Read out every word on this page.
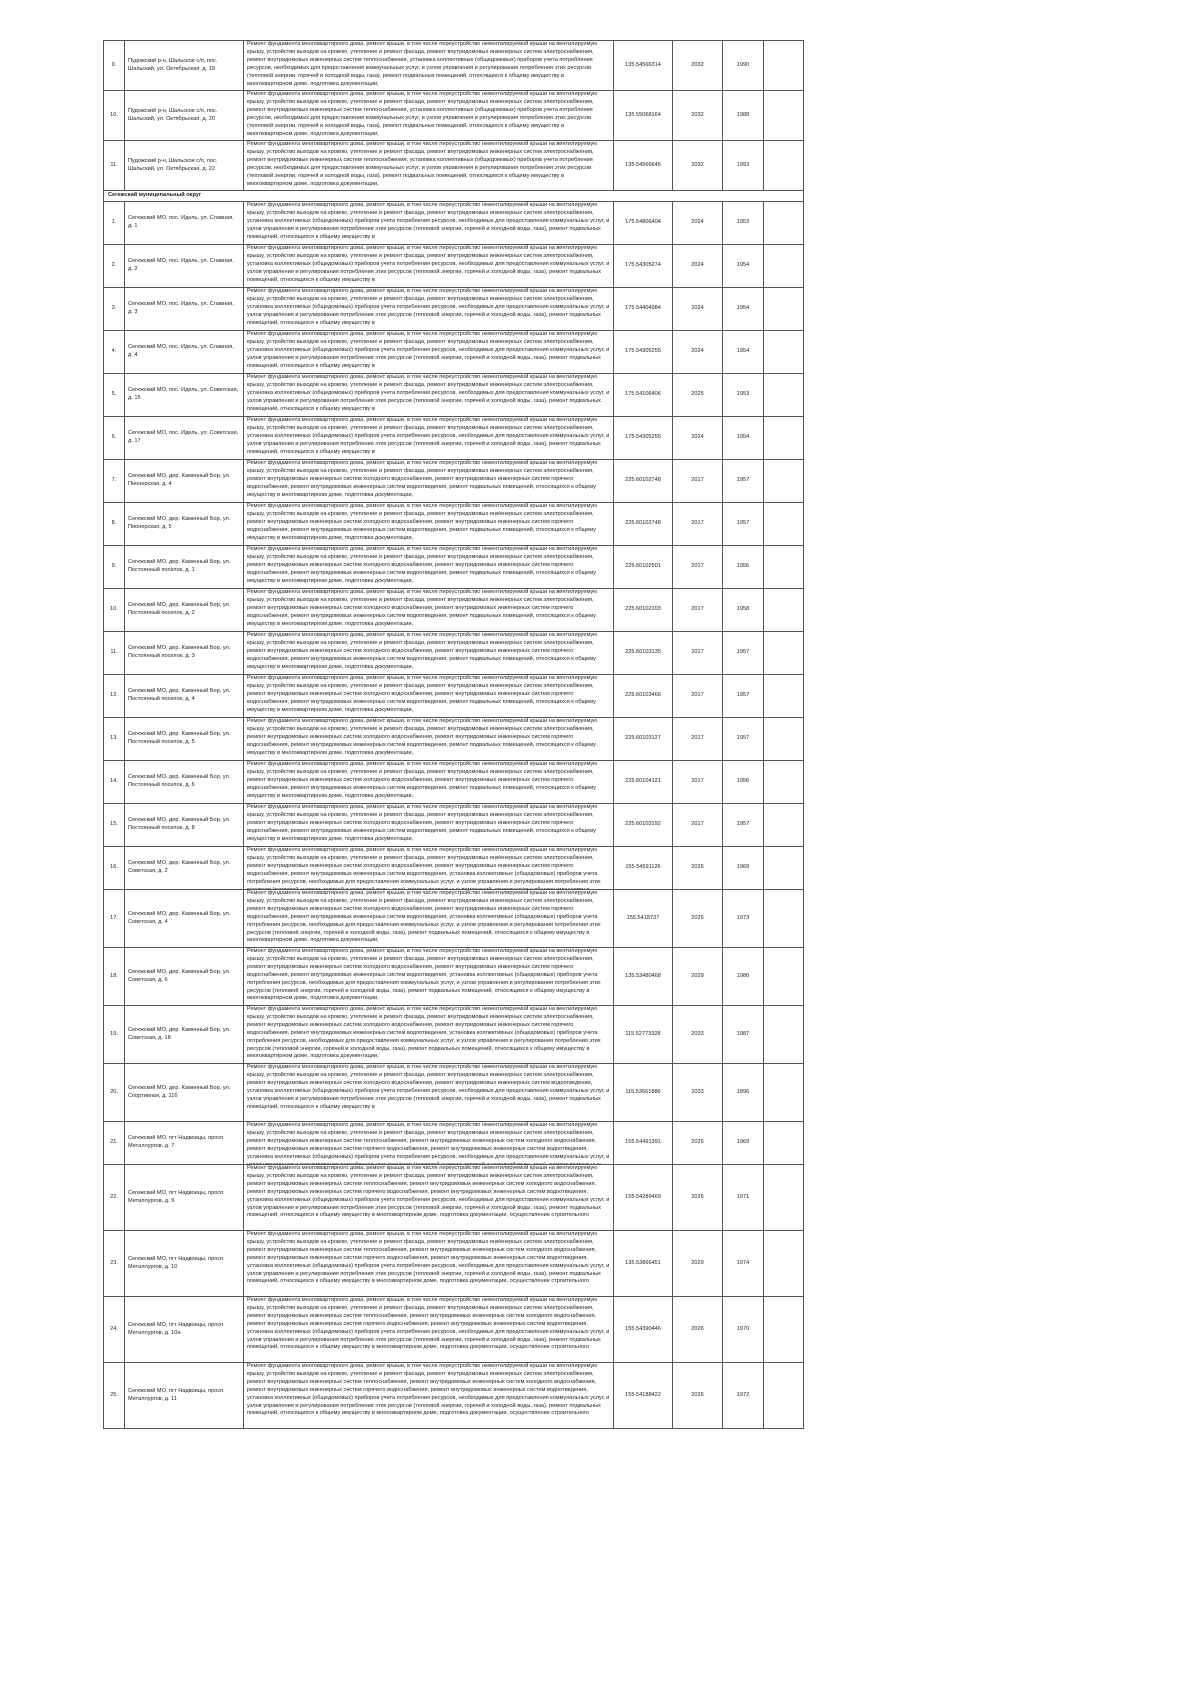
9.	Пудожский р-н, Шальское с/п, пос. Шальский, ул. Октябрьская, д. 19	Ремонт фундамента многоквартирного дома, ремонт крыши, в том числе переустройство невентилируемой крыши на вентилируемую крышу, устройство выходов на кровлю, утепление и ремонт фасада, ремонт внутридомовых инженерных систем электроснабжения, ремонт внутридомовых инженерных систем теплоснабжения, установка коллективных (общедомовых) приборов учета потребления ресурсов, необходимых для предоставления коммунальных услуг, и узлов управления и регулирования потребления этих ресурсов (тепловой энергии, горячей и холодной воды, газа), ремонт подвальных помещений, относящихся к общему имуществу в многоквартирном доме, подготовка документации,	135.54566314	2032	1990	
10.	Пудожский р-н, Шальское с/п, пос. Шальский, ул. Октябрьская, д. 20	Ремонт фундамента многоквартирного дома, ремонт крыши, в том числе переустройство невентилируемой крыши на вентилируемую крышу, устройство выходов на кровлю, утепление и ремонт фасада, ремонт внутридомовых инженерных систем электроснабжения, ремонт внутридомовых инженерных систем теплоснабжения, установка коллективных (общедомовых) приборов учета потребления ресурсов, необходимых для предоставления коммунальных услуг, и узлов управления и регулирования потребления этих ресурсов (тепловой энергии, горячей и холодной воды, газа), ремонт подвальных помещений, относящихся к общему имуществу в многоквартирном доме, подготовка документации,	135.55068164	2032	1988	
11.	Пудожский р-н, Шальское с/п, пос. Шальский, ул. Октябрьская, д. 22	Ремонт фундамента многоквартирного дома, ремонт крыши, в том числе переустройство невентилируемой крыши на вентилируемую крышу, устройство выходов на кровлю, утепление и ремонт фасада, ремонт внутридомовых инженерных систем электроснабжения, ремонт внутридомовых инженерных систем теплоснабжения, установка коллективных (общедомовых) приборов учета потребления ресурсов, необходимых для предоставления коммунальных услуг, и узлов управления и регулирования потребления этих ресурсов (тепловой энергии, горячей и холодной воды, газа), ремонт подвальных помещений, относящихся к общему имуществу в многоквартирном доме, подготовка документации,	135.54566645	2032	1993	
Сегежский муниципальный округ						
1.	Сегежский МО, пос. Идель, ул. Славная, д. 1	Ремонт фундамента многоквартирного дома, ремонт крыши, в том числе переустройство невентилируемой крыши на вентилируемую крышу, устройство выходов на кровлю, утепление и ремонт фасада, ремонт внутридомовых инженерных систем электроснабжения, установка коллективных (общедомовых) приборов учета потребления ресурсов, необходимых для предоставления коммунальных услуг, и узлов управления и регулирования потребления этих ресурсов (тепловой энергии, горячей и холодной воды, газа), ремонт подвальных помещений, относящихся к общему имуществу в	175.54806404	2024	1953	
2.	Сегежский МО, пос. Идель, ул. Славная, д. 2	Ремонт фундамента многоквартирного дома, ремонт крыши, в том числе переустройство невентилируемой крыши на вентилируемую крышу, устройство выходов на кровлю, утепление и ремонт фасада, ремонт внутридомовых инженерных систем электроснабжения, установка коллективных (общедомовых) приборов учета потребления ресурсов, необходимых для предоставления коммунальных услуг, и узлов управления и регулирования потребления этих ресурсов (тепловой энергии, горячей и холодной воды, газа), ремонт подвальных помещений, относящихся к общему имуществу в	175.54305274	2024	1954	
3.	Сегежский МО, пос. Идель, ул. Славная, д. 3	Ремонт фундамента многоквартирного дома, ремонт крыши, в том числе переустройство невентилируемой крыши на вентилируемую крышу, устройство выходов на кровлю, утепление и ремонт фасада, ремонт внутридомовых инженерных систем электроснабжения, установка коллективных (общедомовых) приборов учета потребления ресурсов, необходимых для предоставления коммунальных услуг, и узлов управления и регулирования потребления этих ресурсов (тепловой энергии, горячей и холодной воды, газа), ремонт подвальных помещений, относящихся к общему имуществу в	175.54404984	2024	1954	
4.	Сегежский МО, пос. Идель, ул. Славная, д. 4	Ремонт фундамента многоквартирного дома, ремонт крыши, в том числе переустройство невентилируемой крыши на вентилируемую крышу, устройство выходов на кровлю, утепление и ремонт фасада, ремонт внутридомовых инженерных систем электроснабжения, установка коллективных (общедомовых) приборов учета потребления ресурсов, необходимых для предоставления коммунальных услуг, и узлов управления и регулирования потребления этих ресурсов (тепловой энергии, горячей и холодной воды, газа), ремонт подвальных помещений, относящихся к общему имуществу в	175.54305255	2024	1954	
5.	Сегежский МО, пос. Идель, ул. Советская, д. 15	Ремонт фундамента многоквартирного дома, ремонт крыши, в том числе переустройство невентилируемой крыши на вентилируемую крышу, устройство выходов на кровлю, утепление и ремонт фасада, ремонт внутридомовых инженерных систем электроснабжения, установка коллективных (общедомовых) приборов учета потребления ресурсов, необходимых для предоставления коммунальных услуг, и узлов управления и регулирования потребления этих ресурсов (тепловой энергии, горячей и холодной воды, газа), ремонт подвальных помещений, относящихся к общему имуществу в	175.54106406	2025	1953	
6.	Сегежский МО, пос. Идель, ул. Советская, д. 17	Ремонт фундамента многоквартирного дома, ремонт крыши, в том числе переустройство невентилируемой крыши на вентилируемую крышу, устройство выходов на кровлю, утепление и ремонт фасада, ремонт внутридомовых инженерных систем электроснабжения, установка коллективных (общедомовых) приборов учета потребления ресурсов, необходимых для предоставления коммунальных услуг, и узлов управления и регулирования потребления этих ресурсов (тепловой энергии, горячей и холодной воды, газа), ремонт подвальных помещений, относящихся к общему имуществу в	175.54305255	2024	1954	
7.	Сегежский МО, дер. Каменный Бор, ул. Пионерская, д. 4	Ремонт фундамента многоквартирного дома, ремонт крыши, в том числе переустройство невентилируемой крыши на вентилируемую крышу, устройство выходов на кровлю, утепление и ремонт фасада, ремонт внутридомовых инженерных систем электроснабжения, ремонт внутридомовых инженерных систем холодного водоснабжения, ремонт внутридомовых инженерных систем горячего водоснабжения, ремонт внутридомовых инженерных систем водоотведения, ремонт подвальных помещений, относящихся к общему имуществу в многоквартирном доме, подготовка документации,	225.60102748	2017	1957	
8.	Сегежский МО, дер. Каменный Бор, ул. Пионерская, д. 5	Ремонт фундамента многоквартирного дома, ремонт крыши, в том числе переустройство невентилируемой крыши на вентилируемую крышу, устройство выходов на кровлю, утепление и ремонт фасада, ремонт внутридомовых инженерных систем электроснабжения, ремонт внутридомовых инженерных систем холодного водоснабжения, ремонт внутридомовых инженерных систем горячего водоснабжения, ремонт внутридомовых инженерных систем водоотведения, ремонт подвальных помещений, относящихся к общему имуществу в многоквартирном доме, подготовка документации,	225.60102748	2017	1957	
9.	Сегежский МО, дер. Каменный Бор, ул. Постоянный поселок, д. 1	Ремонт фундамента многоквартирного дома, ремонт крыши, в том числе переустройство невентилируемой крыши на вентилируемую крышу, устройство выходов на кровлю, утепление и ремонт фасада, ремонт внутридомовых инженерных систем электроснабжения, ремонт внутридомовых инженерных систем холодного водоснабжения, ремонт внутридомовых инженерных систем горячего водоснабжения, ремонт внутридомовых инженерных систем водоотведения, ремонт подвальных помещений, относящихся к общему имуществу в многоквартирном доме, подготовка документации,	225.60102501	2017	1956	
10.	Сегежский МО, дер. Каменный Бор, ул. Постоянный поселок, д. 2	Ремонт фундамента многоквартирного дома, ремонт крыши, в том числе переустройство невентилируемой крыши на вентилируемую крышу, устройство выходов на кровлю, утепление и ремонт фасада, ремонт внутридомовых инженерных систем электроснабжения, ремонт внутридомовых инженерных систем холодного водоснабжения, ремонт внутридомовых инженерных систем горячего водоснабжения, ремонт внутридомовых инженерных систем водоотведения, ремонт подвальных помещений, относящихся к общему имуществу в многоквартирном доме, подготовка документации,	225.60102103	2017	1958	
11.	Сегежский МО, дер. Каменный Бор, ул. Постоянный поселок, д. 3	Ремонт фундамента многоквартирного дома, ремонт крыши, в том числе переустройство невентилируемой крыши на вентилируемую крышу, устройство выходов на кровлю, утепление и ремонт фасада, ремонт внутридомовых инженерных систем электроснабжения, ремонт внутридомовых инженерных систем холодного водоснабжения, ремонт внутридомовых инженерных систем горячего водоснабжения, ремонт внутридомовых инженерных систем водоотведения, ремонт подвальных помещений, относящихся к общему имуществу в многоквартирном доме, подготовка документации,	225.60103135	2017	1957	
12.	Сегежский МО, дер. Каменный Бор, ул. Постоянный поселок, д. 4	Ремонт фундамента многоквартирного дома, ремонт крыши, в том числе переустройство невентилируемой крыши на вентилируемую крышу, устройство выходов на кровлю, утепление и ремонт фасада, ремонт внутридомовых инженерных систем электроснабжения, ремонт внутридомовых инженерных систем холодного водоснабжения, ремонт внутридомовых инженерных систем горячего водоснабжения, ремонт внутридомовых инженерных систем водоотведения, ремонт подвальных помещений, относящихся к общему имуществу в многоквартирном доме, подготовка документации,	225.60103466	2017	1957	
13.	Сегежский МО, дер. Каменный Бор, ул. Постоянный поселок, д. 5	Ремонт фундамента многоквартирного дома, ремонт крыши, в том числе переустройство невентилируемой крыши на вентилируемую крышу, устройство выходов на кровлю, утепление и ремонт фасада, ремонт внутридомовых инженерных систем электроснабжения, ремонт внутридомовых инженерных систем холодного водоснабжения, ремонт внутридомовых инженерных систем горячего водоснабжения, ремонт внутридомовых инженерных систем водоотведения, ремонт подвальных помещений, относящихся к общему имуществу в многоквартирном доме, подготовка документации,	225.60103127	2017	1957	
14.	Сегежский МО, дер. Каменный Бор, ул. Постоянный поселок, д. 6	Ремонт фундамента многоквартирного дома, ремонт крыши, в том числе переустройство невентилируемой крыши на вентилируемую крышу, устройство выходов на кровлю, утепление и ремонт фасада, ремонт внутридомовых инженерных систем электроснабжения, ремонт внутридомовых инженерных систем холодного водоснабжения, ремонт внутридомовых инженерных систем горячего водоснабжения, ремонт внутридомовых инженерных систем водоотведения, ремонт подвальных помещений, относящихся к общему имуществу в многоквартирном доме, подготовка документации,	225.60104121	2017	1956	
15.	Сегежский МО, дер. Каменный Бор, ул. Постоянный поселок, д. 8	Ремонт фундамента многоквартирного дома, ремонт крыши, в том числе переустройство невентилируемой крыши на вентилируемую крышу, устройство выходов на кровлю, утепление и ремонт фасада, ремонт внутридомовых инженерных систем электроснабжения, ремонт внутридомовых инженерных систем холодного водоснабжения, ремонт внутридомовых инженерных систем горячего водоснабжения, ремонт внутридомовых инженерных систем водоотведения, ремонт подвальных помещений, относящихся к общему имуществу в многоквартирном доме, подготовка документации,	225.60103192	2017	1957	
16.	Сегежский МО, дер. Каменный Бор, ул. Советская, д. 2	Ремонт фундамента многоквартирного дома, ремонт крыши, в том числе переустройство невентилируемой крыши на вентилируемую крышу, устройство выходов на кровлю, утепление и ремонт фасада, ремонт внутридомовых инженерных систем электроснабжения, ремонт внутридомовых инженерных систем холодного водоснабжения, ремонт внутридомовых инженерных систем горячего водоснабжения, ремонт внутридомовых инженерных систем водоотведения, установка коллективных (общедомовых) приборов учета потребления ресурсов, необходимых для предоставления коммунальных услуг, и узлов управления и регулирования потребления этих	155.54591126	2026	1969	
17.	Сегежский МО, дер. Каменный Бор, ул. Советская, д. 4	Ремонт фундамента многоквартирного дома, ремонт крыши, в том числе переустройство невентилируемой крыши на вентилируемую крышу, устройство выходов на кровлю, утепление и ремонт фасада, ремонт внутридомовых инженерных систем электроснабжения, ремонт внутридомовых инженерных систем холодного водоснабжения, ремонт внутридомовых инженерных систем горячего водоснабжения, ремонт внутридомовых инженерных систем водоотведения, установка коллективных (общедомовых) приборов учета потребления ресурсов, необходимых для предоставления коммунальных услуг, и узлов управления и регулирования потребления этих ресурсов (тепловой энергии, горячей и холодной воды, газа), ремонт подвальных помещений, относящихся к общему имуществу в многоквартирном доме, подготовка документации,	155.5418737	2026	1973	
18.	Сегежский МО, дер. Каменный Бор, ул. Советская, д. 6	Ремонт фундамента многоквартирного дома, ремонт крыши, в том числе переустройство невентилируемой крыши на вентилируемую крышу, устройство выходов на кровлю, утепление и ремонт фасада, ремонт внутридомовых инженерных систем электроснабжения, ремонт внутридомовых инженерных систем холодного водоснабжения, ремонт внутридомовых инженерных систем горячего водоснабжения, ремонт внутридомовых инженерных систем водоотведения, установка коллективных (общедомовых) приборов учета потребления ресурсов, необходимых для предоставления коммунальных услуг, и узлов управления и регулирования потребления этих ресурсов (тепловой энергии, горячей и холодной воды, газа), ремонт подвальных помещений, относящихся к общему имуществу в многоквартирном доме, подготовка документации,	135.53480468	2029	1980	
19.	Сегежский МО, дер. Каменный Бор, ул. Советская, д. 18	Ремонт фундамента многоквартирного дома, ремонт крыши, в том числе переустройство невентилируемой крыши на вентилируемую крышу, устройство выходов на кровлю, утепление и ремонт фасада, ремонт внутридомовых инженерных систем электроснабжения, ремонт внутридомовых инженерных систем холодного водоснабжения, ремонт внутридомовых инженерных систем горячего водоснабжения, ремонт внутридомовых инженерных систем водоотведения, установка коллективных (общедомовых) приборов учета потребления ресурсов, необходимых для предоставления коммунальных услуг, и узлов управления и регулирования потребления этих ресурсов (тепловой энергии, горячей и холодной воды, газа), ремонт подвальных помещений, относящихся к общему имуществу в многоквартирном доме, подготовка документации,	115.52773328	2033	1987	
20.	Сегежский МО, дер. Каменный Бор, ул. Спортивная, д. 11б	Ремонт фундамента многоквартирного дома, ремонт крыши, в том числе переустройство невентилируемой крыши на вентилируемую крышу, устройство выходов на кровлю, утепление и ремонт фасада, ремонт внутридомовых инженерных систем электроснабжения, ремонт внутридомовых инженерных систем холодного водоснабжения, ремонт внутридомовых инженерных систем водоотведения, установка коллективных (общедомовых) приборов учета потребления ресурсов, необходимых для предоставления коммунальных услуг, и узлов управления и регулирования потребления этих ресурсов (тепловой энергии, горячей и холодной воды, газа), ремонт подвальных помещений, относящихся к общему имуществу в	115.53661886	2033	1896	
21.	Сегежский МО, пгт Надвоицы, просп. Металлургов, д. 7	Ремонт фундамента многоквартирного дома, ремонт крыши, в том числе переустройство невентилируемой крыши на вентилируемую крышу, устройство выходов на кровлю, утепление и ремонт фасада, ремонт внутридомовых инженерных систем электроснабжения, ремонт внутридомовых инженерных систем теплоснабжения, ремонт внутридомовых инженерных систем холодного водоснабжения, ремонт внутридомовых инженерных систем горячего водоснабжения, ремонт внутридомовых инженерных систем водоотведения, установка коллективных (общедомовых) приборов учета потребления ресурсов, необходимых для предоставления коммунальных услуг, и	155.54491391	2026	1969	
22.	Сегежский МО, пгт Надвоицы, просп. Металлургов, д. 9	Ремонт фундамента многоквартирного дома, ремонт крыши, в том числе переустройство невентилируемой крыши на вентилируемую крышу, устройство выходов на кровлю, утепление и ремонт фасада, ремонт внутридомовых инженерных систем электроснабжения, ремонт внутридомовых инженерных систем теплоснабжения, ремонт внутридомовых инженерных систем холодного водоснабжения, ремонт внутридомовых инженерных систем горячего водоснабжения, ремонт внутридомовых инженерных систем водоотведения, установка коллективных (общедомовых) приборов учета потребления ресурсов, необходимых для предоставления коммунальных услуг, и узлов управления и регулирования потребления этих ресурсов (тепловой энергии, горячей и холодной воды, газа), ремонт подвальных помещений, относящихся к общему имуществу в многоквартирном доме, подготовка документации, осуществление строительного	155.54289469	2026	1971	
23.	Сегежский МО, пгт Надвоицы, просп. Металлургов, д. 10	Ремонт фундамента многоквартирного дома, ремонт крыши, в том числе переустройство невентилируемой крыши на вентилируемую крышу, устройство выходов на кровлю, утепление и ремонт фасада, ремонт внутридомовых инженерных систем электроснабжения, ремонт внутридомовых инженерных систем теплоснабжения, ремонт внутридомовых инженерных систем холодного водоснабжения, ремонт внутридомовых инженерных систем горячего водоснабжения, ремонт внутридомовых инженерных систем водоотведения, установка коллективных (общедомовых) приборов учета потребления ресурсов, необходимых для предоставления коммунальных услуг, и узлов управления и регулирования потребления этих ресурсов (тепловой энергии, горячей и холодной воды, газа), ремонт подвальных помещений, относящихся к общему имуществу в многоквартирном доме, подготовка документации, осуществление строительного	135.53866451	2029	1974	
24.	Сегежский МО, пгт Надвоицы, просп. Металлургов, д. 10а	Ремонт фундамента многоквартирного дома, ремонт крыши, в том числе переустройство невентилируемой крыши на вентилируемую крышу, устройство выходов на кровлю, утепление и ремонт фасада, ремонт внутридомовых инженерных систем электроснабжения, ремонт внутридомовых инженерных систем теплоснабжения, ремонт внутридомовых инженерных систем холодного водоснабжения, ремонт внутридомовых инженерных систем горячего водоснабжения, ремонт внутридомовых инженерных систем водоотведения, установка коллективных (общедомовых) приборов учета потребления ресурсов, необходимых для предоставления коммунальных услуг, и узлов управления и регулирования потребления этих ресурсов (тепловой энергии, горячей и холодной воды, газа), ремонт подвальных помещений, относящихся к общему имуществу в многоквартирном доме, подготовка документации, осуществление строительного	155.54390446	2026	1970	
25.	Сегежский МО, пгт Надвоицы, просп. Металлургов, д. 11	Ремонт фундамента многоквартирного дома, ремонт крыши, в том числе переустройство невентилируемой крыши на вентилируемую крышу, устройство выходов на кровлю, утепление и ремонт фасада, ремонт внутридомовых инженерных систем электроснабжения, ремонт внутридомовых инженерных систем теплоснабжения, ремонт внутридомовых инженерных систем холодного водоснабжения, ремонт внутридомовых инженерных систем горячего водоснабжения, ремонт внутридомовых инженерных систем водоотведения, установка коллективных (общедомовых) приборов учета потребления ресурсов, необходимых для предоставления коммунальных услуг, и узлов управления и регулирования потребления этих ресурсов (тепловой энергии, горячей и холодной воды, газа), ремонт подвальных помещений, относящихся к общему имуществу в многоквартирном доме, подготовка документации, осуществление строительного	155.54188422	2026	1972	
